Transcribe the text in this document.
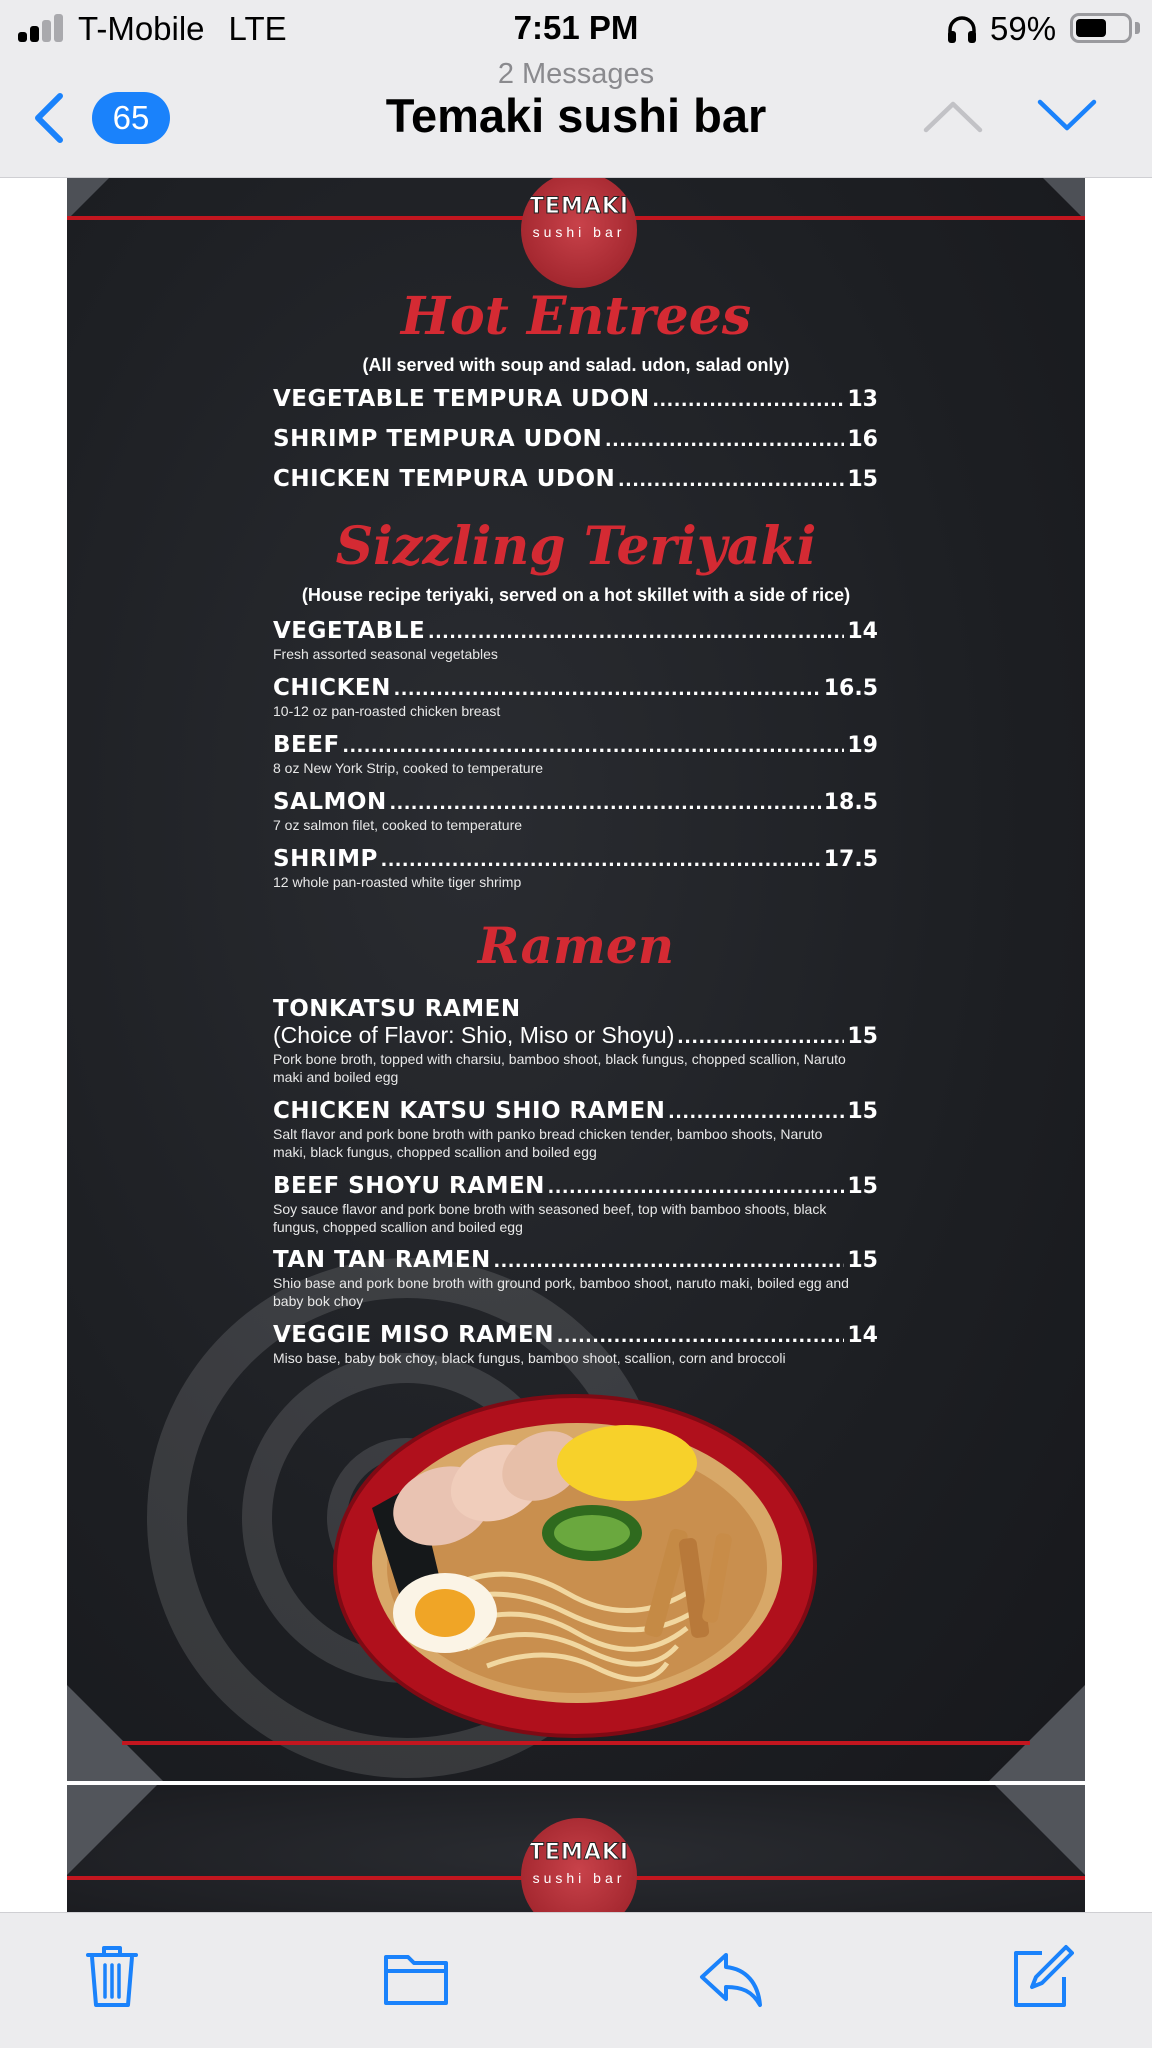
T-Mobile LTE	7:51 PM	59%
65
2 Messages
Temaki sushi bar
TEMAKI
sushi bar
Hot Entrees
(All served with soup and salad. udon, salad only)
VEGETABLE TEMPURA UDON .....	13
SHRIMP TEMPURA UDON .....	16
CHICKEN TEMPURA UDON .....	15
Sizzling Teriyaki
(House recipe teriyaki, served on a hot skillet with a side of rice)
VEGETABLE .....	14
Fresh assorted seasonal vegetables
CHICKEN .....	16.5
10-12 oz pan-roasted chicken breast
BEEF .....	19
8 oz New York Strip, cooked to temperature
SALMON .....	18.5
7 oz salmon filet, cooked to temperature
SHRIMP .....	17.5
12 whole pan-roasted white tiger shrimp
Ramen
TONKATSU RAMEN
(Choice of Flavor: Shio, Miso or Shoyu) .....	15
Pork bone broth, topped with charsiu, bamboo shoot, black fungus, chopped scallion, Naruto maki and boiled egg
CHICKEN KATSU SHIO RAMEN .....	15
Salt flavor and pork bone broth with panko bread chicken tender, bamboo shoots, Naruto maki, black fungus, chopped scallion and boiled egg
BEEF SHOYU RAMEN .....	15
Soy sauce flavor and pork bone broth with seasoned beef, top with bamboo shoots, black fungus, chopped scallion and boiled egg
TAN TAN RAMEN .....	15
Shio base and pork bone broth with ground pork, bamboo shoot, naruto maki, boiled egg and baby bok choy
VEGGIE MISO RAMEN .....	14
Miso base, baby bok choy, black fungus, bamboo shoot, scallion, corn and broccoli
TEMAKI
sushi bar
